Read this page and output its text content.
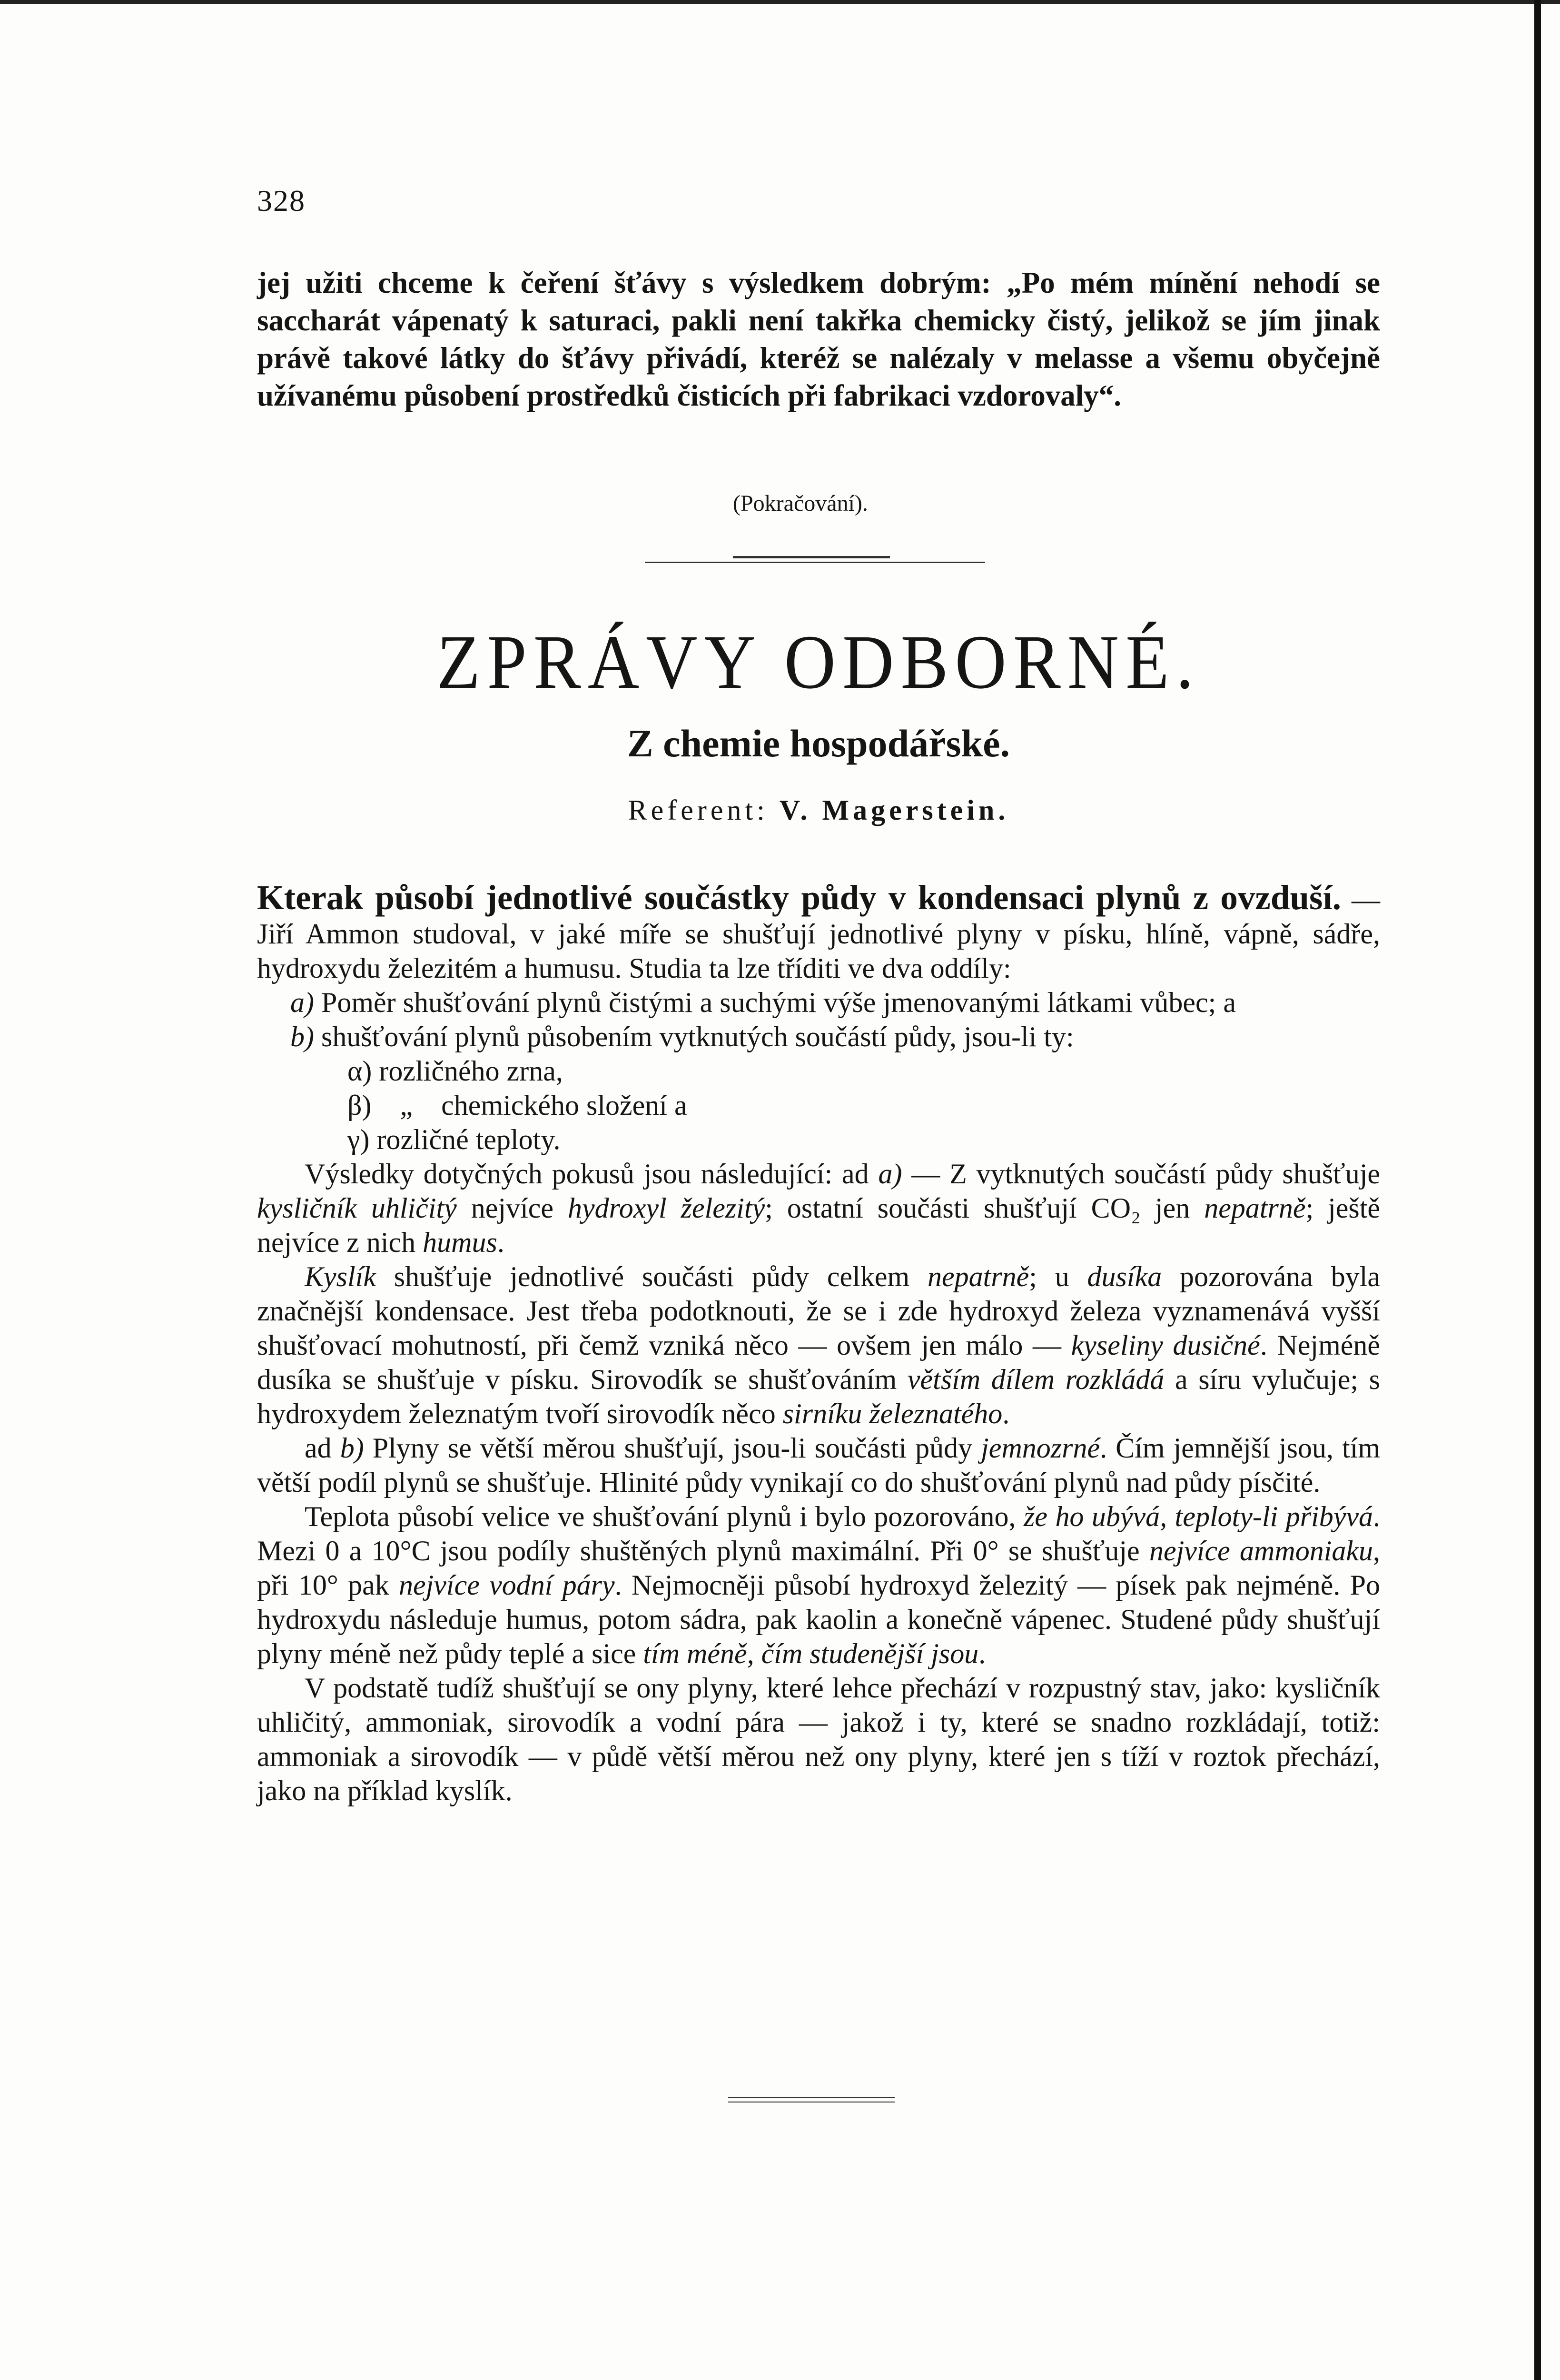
328

jej užiti chceme k čeření šťávy s výsledkem dobrým: „Po mém mínění nehodí se saccharát vápenatý k saturaci, pakli není takřka chemicky čistý, jelikož se jím jinak právě takové látky do šťávy přivádí, kteréž se nalézaly v melasse a všemu obyčejně užívanému působení prostředků čisticích při fabrikaci vzdorovaly“.

(Pokračování).
ZPRÁVY ODBORNÉ.
Z chemie hospodářské.
Referent: V. Magerstein.

Kterak působí jednotlivé součástky půdy v kondensaci plynů z ovzduší. — Jiří Ammon studoval, v jaké míře se shušťují jednotlivé plyny v písku, hlíně, vápně, sádře, hydroxydu železitém a humusu. Studia ta lze tříditi ve dva oddíly:

a) Poměr shušťování plynů čistými a suchými výše jmenovanými látkami vůbec; a

b) shušťování plynů působením vytknutých součástí půdy, jsou-li ty:

α) rozličného zrna,

β)    „    chemického složení a

γ) rozličné teploty.

Výsledky dotyčných pokusů jsou následující: ad a) — Z vytknutých součástí půdy shušťuje kysličník uhličitý nejvíce hydroxyl železitý; ostatní součásti shušťují CO₂ jen nepatrně; ještě nejvíce z nich humus.

Kyslík shušťuje jednotlivé součásti půdy celkem nepatrně; u dusíka pozorována byla značnější kondensace. Jest třeba podotknouti, že se i zde hydroxyd železa vyznamenává vyšší shušťovací mohutností, při čemž vzniká něco — ovšem jen málo — kyseliny dusičné. Nejméně dusíka se shušťuje v písku. Sirovodík se shušťováním větším dílem rozkládá a síru vylučuje; s hydroxydem železnatým tvoří sirovodík něco sirníku železnatého.

ad b) Plyny se větší měrou shušťují, jsou-li součásti půdy jemnozrné. Čím jemnější jsou, tím větší podíl plynů se shušťuje. Hlinité půdy vynikají co do shušťování plynů nad půdy písčité.

Teplota působí velice ve shušťování plynů i bylo pozorováno, že ho ubývá, teploty-li přibývá. Mezi 0 a 10°C jsou podíly shuštěných plynů maximální. Při 0° se shušťuje nejvíce ammoniaku, při 10° pak nejvíce vodní páry. Nejmocněji působí hydroxyd železitý — písek pak nejméně. Po hydroxydu následuje humus, potom sádra, pak kaolin a konečně vápenec. Studené půdy shušťují plyny méně než půdy teplé a sice tím méně, čím studenější jsou.

V podstatě tudíž shušťují se ony plyny, které lehce přechází v rozpustný stav, jako: kysličník uhličitý, ammoniak, sirovodík a vodní pára — jakož i ty, které se snadno rozkládají, totiž: ammoniak a sirovodík — v půdě větší měrou než ony plyny, které jen s tíží v roztok přechází, jako na příklad kyslík.
